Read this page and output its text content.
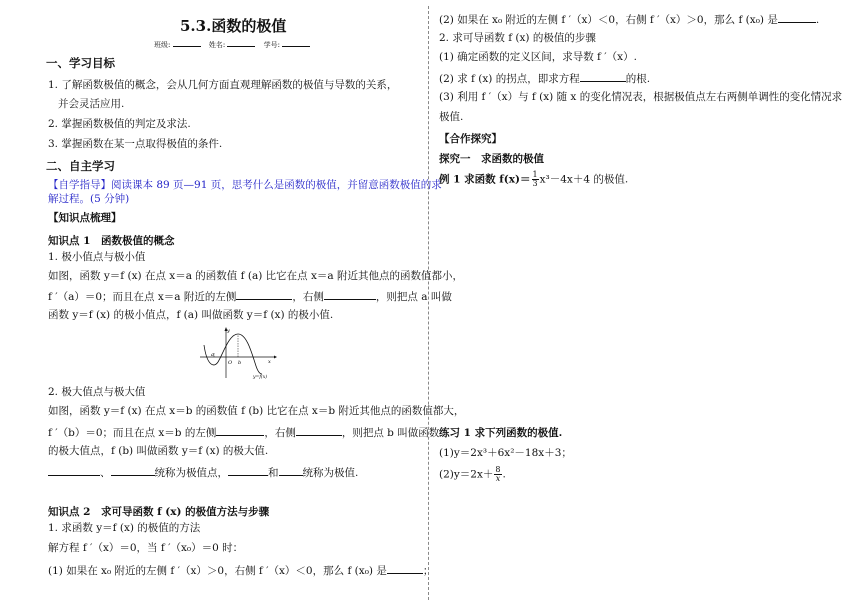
5.3.函数的极值
班级:	姓名:	学号:
一、学习目标
1. 了解函数极值的概念，会从几何方面直观理解函数的极值与导数的关系，
并会灵活应用.
2. 掌握函数极值的判定及求法.
3. 掌握函数在某一点取得极值的条件.
二、自主学习
【自学指导】阅读课本 89 页—91 页，思考什么是函数的极值，并留意函数极值的求
解过程。(5 分钟)
【知识点梳理】
知识点 1　函数极值的概念
1. 极小值点与极小值
如图，函数 y＝f (x) 在点 x＝a 的函数值 f (a) 比它在点 x＝a 附近其他点的函数值都小，
f ′（a）＝0；而且在点 x＝a 附近的左侧	，右侧	，则把点 a 叫做
函数 y＝f (x) 的极小值点，f (a) 叫做函数 y＝f (x) 的极小值.
y
x
a
O b
y=f(x)
2. 极大值点与极大值
如图，函数 y＝f (x) 在点 x＝b 的函数值 f (b) 比它在点 x＝b 附近其他点的函数值都大，
f ′（b）＝0；而且在点 x＝b 的左侧	，右侧	，则把点 b 叫做函数
的极大值点，f (b) 叫做函数 y＝f (x) 的极大值.
、	统称为极值点，	和 统称为极值.
知识点 2　求可导函数 f (x) 的极值方法与步骤
1. 求函数 y＝f (x) 的极值的方法
解方程 f ′（x）＝0，当 f ′（x₀）＝0 时：
(1) 如果在 x₀ 附近的左侧 f ′（x）＞0，右侧 f ′（x）＜0，那么 f (x₀) 是	；
(2) 如果在 x₀ 附近的左侧 f ′（x）＜0，右侧 f ′（x）＞0，那么 f (x₀) 是	.
2. 求可导函数 f (x) 的极值的步骤
(1) 确定函数的定义区间，求导数 f ′（x）.
(2) 求 f (x) 的拐点，即求方程	的根.
(3) 利用 f ′（x）与 f (x) 随 x 的变化情况表，根据极值点左右两侧单调性的变化情况求
极值.
【合作探究】
探究一　求函数的极值
例 1 求函数 $f(x)= \frac{1}{3} x^3-4x+4$ 的极值.
练习 1 求下列函数的极值.
(1)y＝2x³＋6x²－18x＋3；
$(2)y=2x+ \frac{8}{x}$ .
